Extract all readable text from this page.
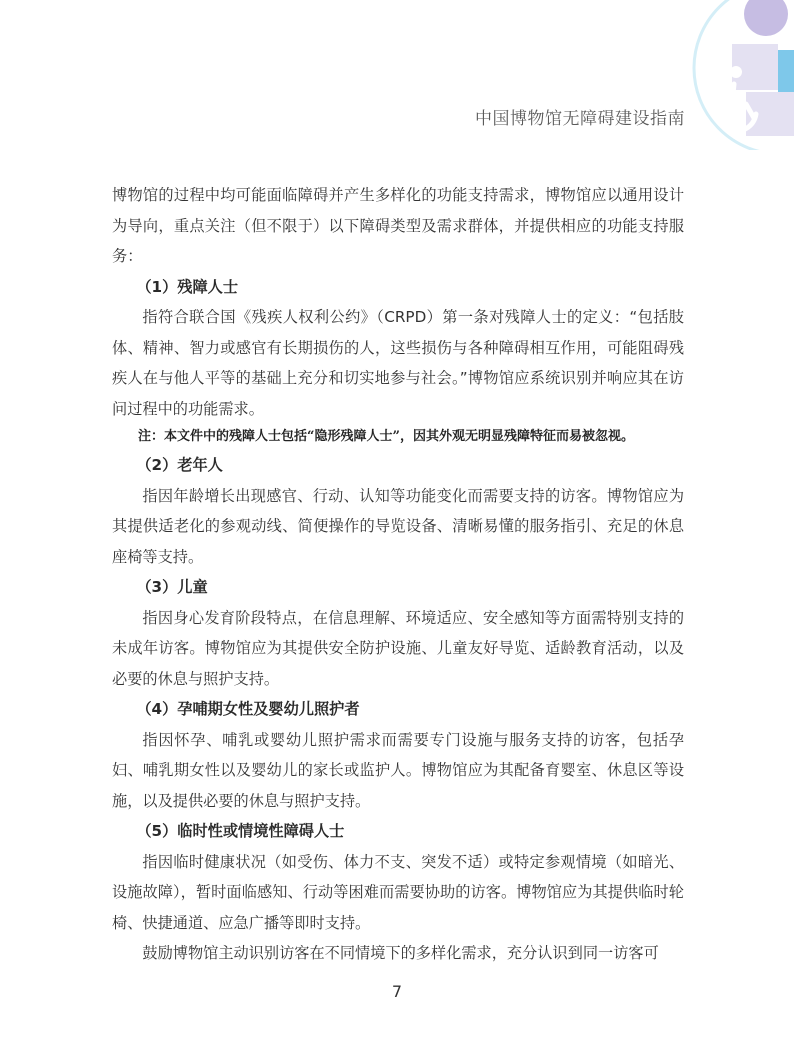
中国博物馆无障碍建设指南

博物馆的过程中均可能面临障碍并产生多样化的功能支持需求，博物馆应以通用设计为导向，重点关注（但不限于）以下障碍类型及需求群体，并提供相应的功能支持服务：

（1）残障人士

指符合联合国《残疾人权利公约》（CRPD）第一条对残障人士的定义：“包括肢体、精神、智力或感官有长期损伤的人，这些损伤与各种障碍相互作用，可能阻碍残疾人在与他人平等的基础上充分和切实地参与社会。”博物馆应系统识别并响应其在访问过程中的功能需求。

注：本文件中的残障人士包括“隐形残障人士”，因其外观无明显残障特征而易被忽视。

（2）老年人

指因年龄增长出现感官、行动、认知等功能变化而需要支持的访客。博物馆应为其提供适老化的参观动线、简便操作的导览设备、清晰易懂的服务指引、充足的休息座椅等支持。

（3）儿童

指因身心发育阶段特点，在信息理解、环境适应、安全感知等方面需特别支持的未成年访客。博物馆应为其提供安全防护设施、儿童友好导览、适龄教育活动，以及必要的休息与照护支持。

（4）孕哺期女性及婴幼儿照护者

指因怀孕、哺乳或婴幼儿照护需求而需要专门设施与服务支持的访客，包括孕妇、哺乳期女性以及婴幼儿的家长或监护人。博物馆应为其配备育婴室、休息区等设施，以及提供必要的休息与照护支持。

（5）临时性或情境性障碍人士

指因临时健康状况（如受伤、体力不支、突发不适）或特定参观情境（如暗光、设施故障），暂时面临感知、行动等困难而需要协助的访客。博物馆应为其提供临时轮椅、快捷通道、应急广播等即时支持。

鼓励博物馆主动识别访客在不同情境下的多样化需求，充分认识到同一访客可

7
